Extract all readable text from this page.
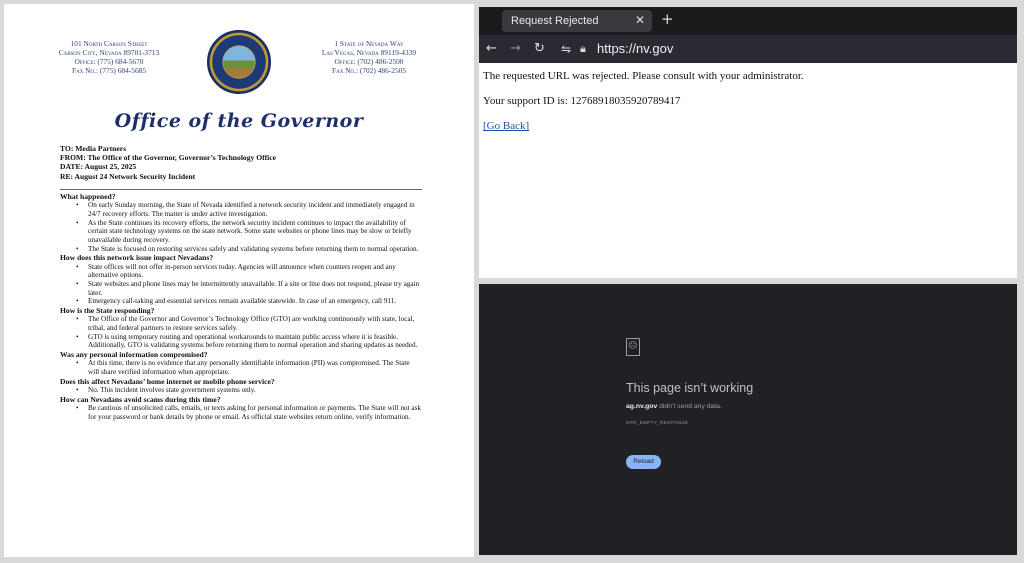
101 North Carson Street
Carson City, Nevada 89701-3713
Office: (775) 684-5670
Fax No.: (775) 684-5685
1 State of Nevada Way
Las Vegas, Nevada 89119-4339
Office: (702) 486-2500
Fax No.: (702) 486-2505
Office of the Governor
TO: Media Partners
FROM: The Office of the Governor, Governor’s Technology Office
DATE: August 25, 2025
RE: August 24 Network Security Incident
What happened?
• On early Sunday morning, the State of Nevada identified a network security incident and immediately engaged in 24/7 recovery efforts. The matter is under active investigation.
• As the State continues its recovery efforts, the network security incident continues to impact the availability of certain state technology systems on the state network. Some state websites or phone lines may be slow or briefly unavailable during recovery.
• The State is focused on restoring services safely and validating systems before returning them to normal operation.
How does this network issue impact Nevadans?
• State offices will not offer in-person services today. Agencies will announce when counters reopen and any alternative options.
• State websites and phone lines may be intermittently unavailable. If a site or line does not respond, please try again later.
• Emergency call-taking and essential services remain available statewide. In case of an emergency, call 911.
How is the State responding?
• The Office of the Governor and Governor’s Technology Office (GTO) are working continuously with state, local, tribal, and federal partners to restore services safely.
• GTO is using temporary routing and operational workarounds to maintain public access where it is feasible. Additionally, GTO is validating systems before returning them to normal operation and sharing updates as needed.
Was any personal information compromised?
• At this time, there is no evidence that any personally identifiable information (PII) was compromised. The State will share verified information when appropriate.
Does this affect Nevadans’ home internet or mobile phone service?
• No. This incident involves state government systems only.
How can Nevadans avoid scams during this time?
• Be cautious of unsolicited calls, emails, or texts asking for personal information or payments. The State will not ask for your password or bank details by phone or email. As official state websites return online, verify information.
Request Rejected	✕ +
← → ↻ ⇋ 🔒︎ https://nv.gov

The requested URL was rejected. Please consult with your administrator.

Your support ID is: 12768918035920789417

[Go Back]

☹
This page isn’t working
ag.nv.gov didn’t send any data.
ERR_EMPTY_RESPONSE
Reload
